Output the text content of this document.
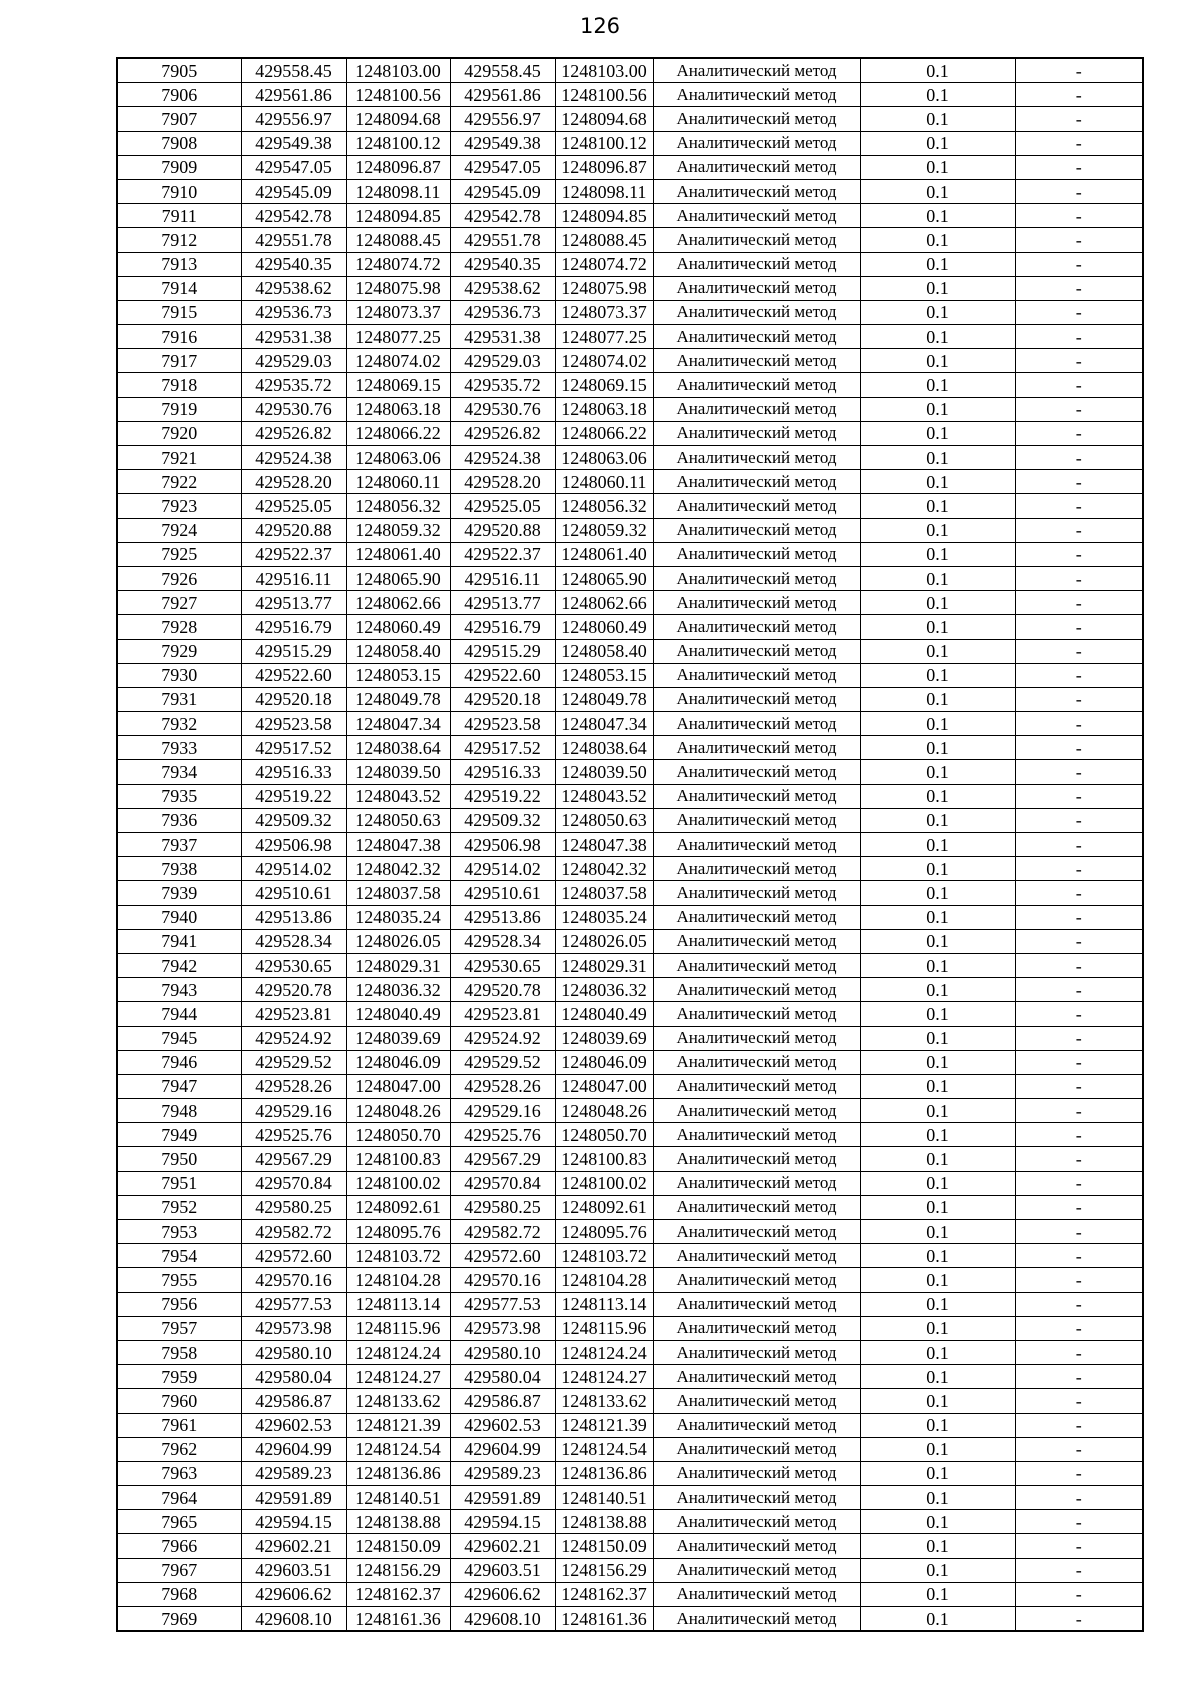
126
7905	429558.45	1248103.00	429558.45	1248103.00	Аналитический метод	0.1	-
7906	429561.86	1248100.56	429561.86	1248100.56	Аналитический метод	0.1	-
7907	429556.97	1248094.68	429556.97	1248094.68	Аналитический метод	0.1	-
7908	429549.38	1248100.12	429549.38	1248100.12	Аналитический метод	0.1	-
7909	429547.05	1248096.87	429547.05	1248096.87	Аналитический метод	0.1	-
7910	429545.09	1248098.11	429545.09	1248098.11	Аналитический метод	0.1	-
7911	429542.78	1248094.85	429542.78	1248094.85	Аналитический метод	0.1	-
7912	429551.78	1248088.45	429551.78	1248088.45	Аналитический метод	0.1	-
7913	429540.35	1248074.72	429540.35	1248074.72	Аналитический метод	0.1	-
7914	429538.62	1248075.98	429538.62	1248075.98	Аналитический метод	0.1	-
7915	429536.73	1248073.37	429536.73	1248073.37	Аналитический метод	0.1	-
7916	429531.38	1248077.25	429531.38	1248077.25	Аналитический метод	0.1	-
7917	429529.03	1248074.02	429529.03	1248074.02	Аналитический метод	0.1	-
7918	429535.72	1248069.15	429535.72	1248069.15	Аналитический метод	0.1	-
7919	429530.76	1248063.18	429530.76	1248063.18	Аналитический метод	0.1	-
7920	429526.82	1248066.22	429526.82	1248066.22	Аналитический метод	0.1	-
7921	429524.38	1248063.06	429524.38	1248063.06	Аналитический метод	0.1	-
7922	429528.20	1248060.11	429528.20	1248060.11	Аналитический метод	0.1	-
7923	429525.05	1248056.32	429525.05	1248056.32	Аналитический метод	0.1	-
7924	429520.88	1248059.32	429520.88	1248059.32	Аналитический метод	0.1	-
7925	429522.37	1248061.40	429522.37	1248061.40	Аналитический метод	0.1	-
7926	429516.11	1248065.90	429516.11	1248065.90	Аналитический метод	0.1	-
7927	429513.77	1248062.66	429513.77	1248062.66	Аналитический метод	0.1	-
7928	429516.79	1248060.49	429516.79	1248060.49	Аналитический метод	0.1	-
7929	429515.29	1248058.40	429515.29	1248058.40	Аналитический метод	0.1	-
7930	429522.60	1248053.15	429522.60	1248053.15	Аналитический метод	0.1	-
7931	429520.18	1248049.78	429520.18	1248049.78	Аналитический метод	0.1	-
7932	429523.58	1248047.34	429523.58	1248047.34	Аналитический метод	0.1	-
7933	429517.52	1248038.64	429517.52	1248038.64	Аналитический метод	0.1	-
7934	429516.33	1248039.50	429516.33	1248039.50	Аналитический метод	0.1	-
7935	429519.22	1248043.52	429519.22	1248043.52	Аналитический метод	0.1	-
7936	429509.32	1248050.63	429509.32	1248050.63	Аналитический метод	0.1	-
7937	429506.98	1248047.38	429506.98	1248047.38	Аналитический метод	0.1	-
7938	429514.02	1248042.32	429514.02	1248042.32	Аналитический метод	0.1	-
7939	429510.61	1248037.58	429510.61	1248037.58	Аналитический метод	0.1	-
7940	429513.86	1248035.24	429513.86	1248035.24	Аналитический метод	0.1	-
7941	429528.34	1248026.05	429528.34	1248026.05	Аналитический метод	0.1	-
7942	429530.65	1248029.31	429530.65	1248029.31	Аналитический метод	0.1	-
7943	429520.78	1248036.32	429520.78	1248036.32	Аналитический метод	0.1	-
7944	429523.81	1248040.49	429523.81	1248040.49	Аналитический метод	0.1	-
7945	429524.92	1248039.69	429524.92	1248039.69	Аналитический метод	0.1	-
7946	429529.52	1248046.09	429529.52	1248046.09	Аналитический метод	0.1	-
7947	429528.26	1248047.00	429528.26	1248047.00	Аналитический метод	0.1	-
7948	429529.16	1248048.26	429529.16	1248048.26	Аналитический метод	0.1	-
7949	429525.76	1248050.70	429525.76	1248050.70	Аналитический метод	0.1	-
7950	429567.29	1248100.83	429567.29	1248100.83	Аналитический метод	0.1	-
7951	429570.84	1248100.02	429570.84	1248100.02	Аналитический метод	0.1	-
7952	429580.25	1248092.61	429580.25	1248092.61	Аналитический метод	0.1	-
7953	429582.72	1248095.76	429582.72	1248095.76	Аналитический метод	0.1	-
7954	429572.60	1248103.72	429572.60	1248103.72	Аналитический метод	0.1	-
7955	429570.16	1248104.28	429570.16	1248104.28	Аналитический метод	0.1	-
7956	429577.53	1248113.14	429577.53	1248113.14	Аналитический метод	0.1	-
7957	429573.98	1248115.96	429573.98	1248115.96	Аналитический метод	0.1	-
7958	429580.10	1248124.24	429580.10	1248124.24	Аналитический метод	0.1	-
7959	429580.04	1248124.27	429580.04	1248124.27	Аналитический метод	0.1	-
7960	429586.87	1248133.62	429586.87	1248133.62	Аналитический метод	0.1	-
7961	429602.53	1248121.39	429602.53	1248121.39	Аналитический метод	0.1	-
7962	429604.99	1248124.54	429604.99	1248124.54	Аналитический метод	0.1	-
7963	429589.23	1248136.86	429589.23	1248136.86	Аналитический метод	0.1	-
7964	429591.89	1248140.51	429591.89	1248140.51	Аналитический метод	0.1	-
7965	429594.15	1248138.88	429594.15	1248138.88	Аналитический метод	0.1	-
7966	429602.21	1248150.09	429602.21	1248150.09	Аналитический метод	0.1	-
7967	429603.51	1248156.29	429603.51	1248156.29	Аналитический метод	0.1	-
7968	429606.62	1248162.37	429606.62	1248162.37	Аналитический метод	0.1	-
7969	429608.10	1248161.36	429608.10	1248161.36	Аналитический метод	0.1	-
